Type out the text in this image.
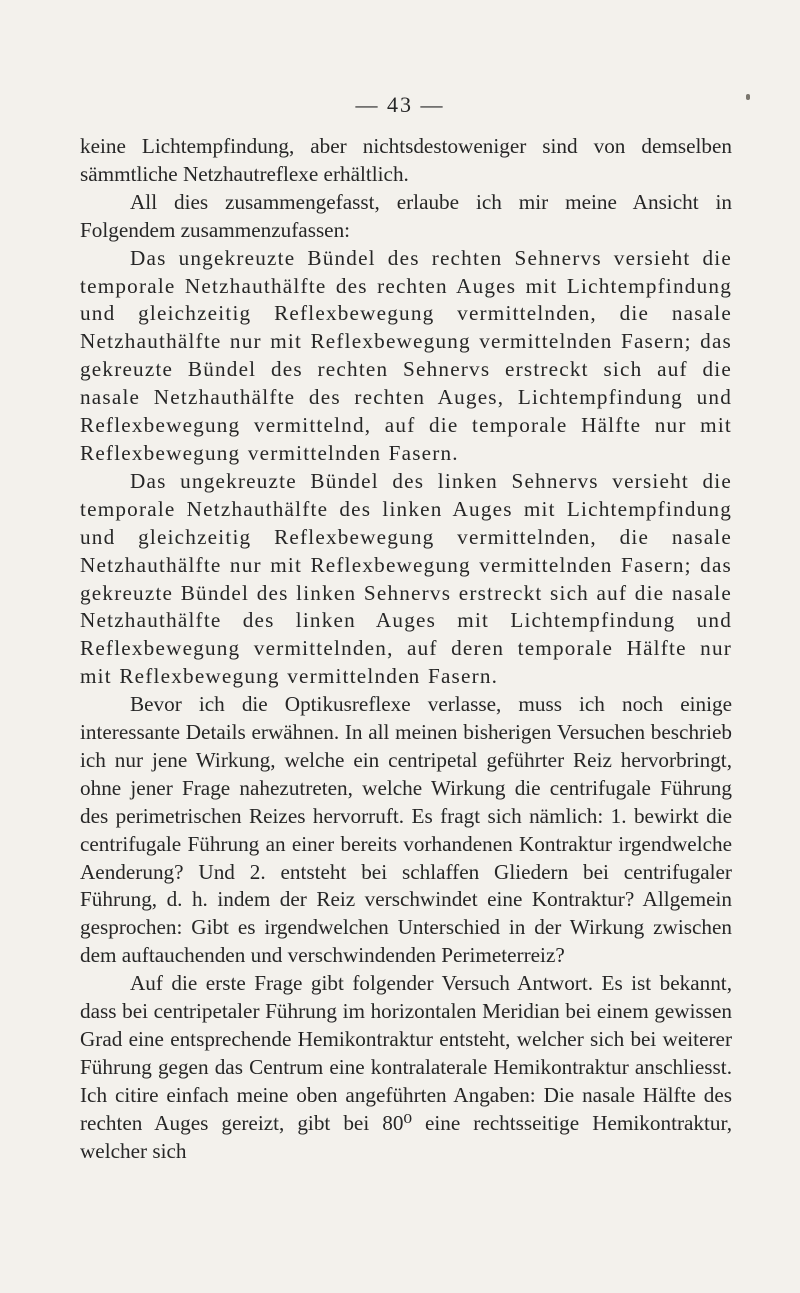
— 43 —

keine Lichtempfindung, aber nichtsdestoweniger sind von demselben sämmtliche Netzhautreflexe erhältlich.

All dies zusammengefasst, erlaube ich mir meine Ansicht in Folgendem zusammenzufassen:

Das ungekreuzte Bündel des rechten Sehnervs versieht die temporale Netzhauthälfte des rechten Auges mit Lichtempfindung und gleichzeitig Reflexbewegung vermittelnden, die nasale Netzhauthälfte nur mit Reflexbewegung vermittelnden Fasern; das gekreuzte Bündel des rechten Sehnervs erstreckt sich auf die nasale Netzhauthälfte des rechten Auges, Lichtempfindung und Reflexbewegung vermittelnd, auf die temporale Hälfte nur mit Reflexbewegung vermittelnden Fasern.

Das ungekreuzte Bündel des linken Sehnervs versieht die temporale Netzhauthälfte des linken Auges mit Lichtempfindung und gleichzeitig Reflexbewegung vermittelnden, die nasale Netzhauthälfte nur mit Reflexbewegung vermittelnden Fasern; das gekreuzte Bündel des linken Sehnervs erstreckt sich auf die nasale Netzhauthälfte des linken Auges mit Lichtempfindung und Reflexbewegung vermittelnden, auf deren temporale Hälfte nur mit Reflexbewegung vermittelnden Fasern.

Bevor ich die Optikusreflexe verlasse, muss ich noch einige interessante Details erwähnen. In all meinen bisherigen Versuchen beschrieb ich nur jene Wirkung, welche ein centripetal geführter Reiz hervorbringt, ohne jener Frage nahezutreten, welche Wirkung die centrifugale Führung des perimetrischen Reizes hervorruft. Es fragt sich nämlich: 1. bewirkt die centrifugale Führung an einer bereits vorhandenen Kontraktur irgendwelche Aenderung? Und 2. entsteht bei schlaffen Gliedern bei centrifugaler Führung, d. h. indem der Reiz verschwindet eine Kontraktur? Allgemein gesprochen: Gibt es irgendwelchen Unterschied in der Wirkung zwischen dem auftauchenden und verschwindenden Perimeterreiz?

Auf die erste Frage gibt folgender Versuch Antwort. Es ist bekannt, dass bei centripetaler Führung im horizontalen Meridian bei einem gewissen Grad eine entsprechende Hemikontraktur entsteht, welcher sich bei weiterer Führung gegen das Centrum eine kontralaterale Hemikontraktur anschliesst. Ich citire einfach meine oben angeführten Angaben: Die nasale Hälfte des rechten Auges gereizt, gibt bei 80⁰ eine rechtsseitige Hemikontraktur, welcher sich
